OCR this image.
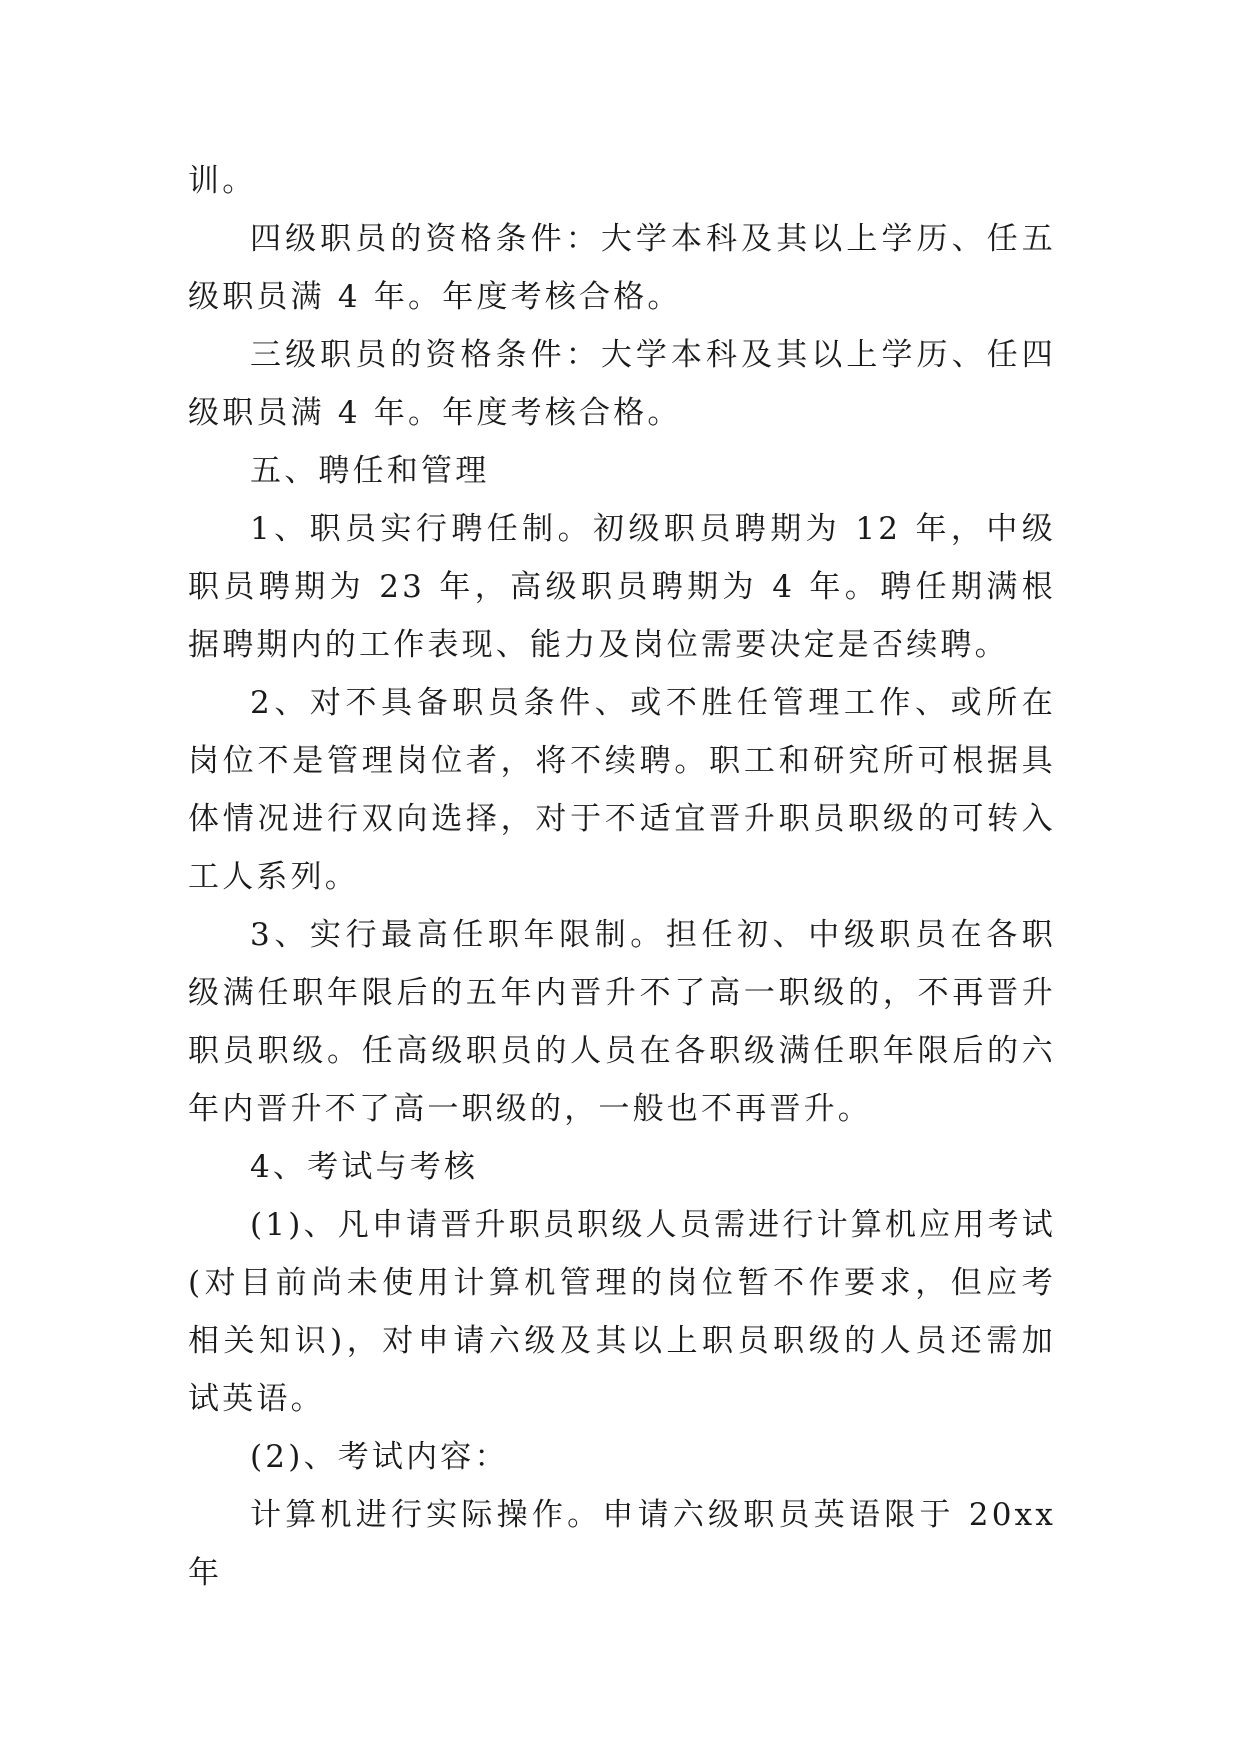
训。

四级职员的资格条件：大学本科及其以上学历、任五级职员满 4 年。年度考核合格。

三级职员的资格条件：大学本科及其以上学历、任四级职员满 4 年。年度考核合格。

五、聘任和管理

1、职员实行聘任制。初级职员聘期为 12 年，中级职员聘期为 23 年，高级职员聘期为 4 年。聘任期满根据聘期内的工作表现、能力及岗位需要决定是否续聘。

2、对不具备职员条件、或不胜任管理工作、或所在岗位不是管理岗位者，将不续聘。职工和研究所可根据具体情况进行双向选择，对于不适宜晋升职员职级的可转入工人系列。

3、实行最高任职年限制。担任初、中级职员在各职级满任职年限后的五年内晋升不了高一职级的，不再晋升职员职级。任高级职员的人员在各职级满任职年限后的六年内晋升不了高一职级的，一般也不再晋升。

4、考试与考核

(1)、凡申请晋升职员职级人员需进行计算机应用考试(对目前尚未使用计算机管理的岗位暂不作要求，但应考相关知识)，对申请六级及其以上职员职级的人员还需加试英语。

(2)、考试内容：

计算机进行实际操作。申请六级职员英语限于 20xx 年
